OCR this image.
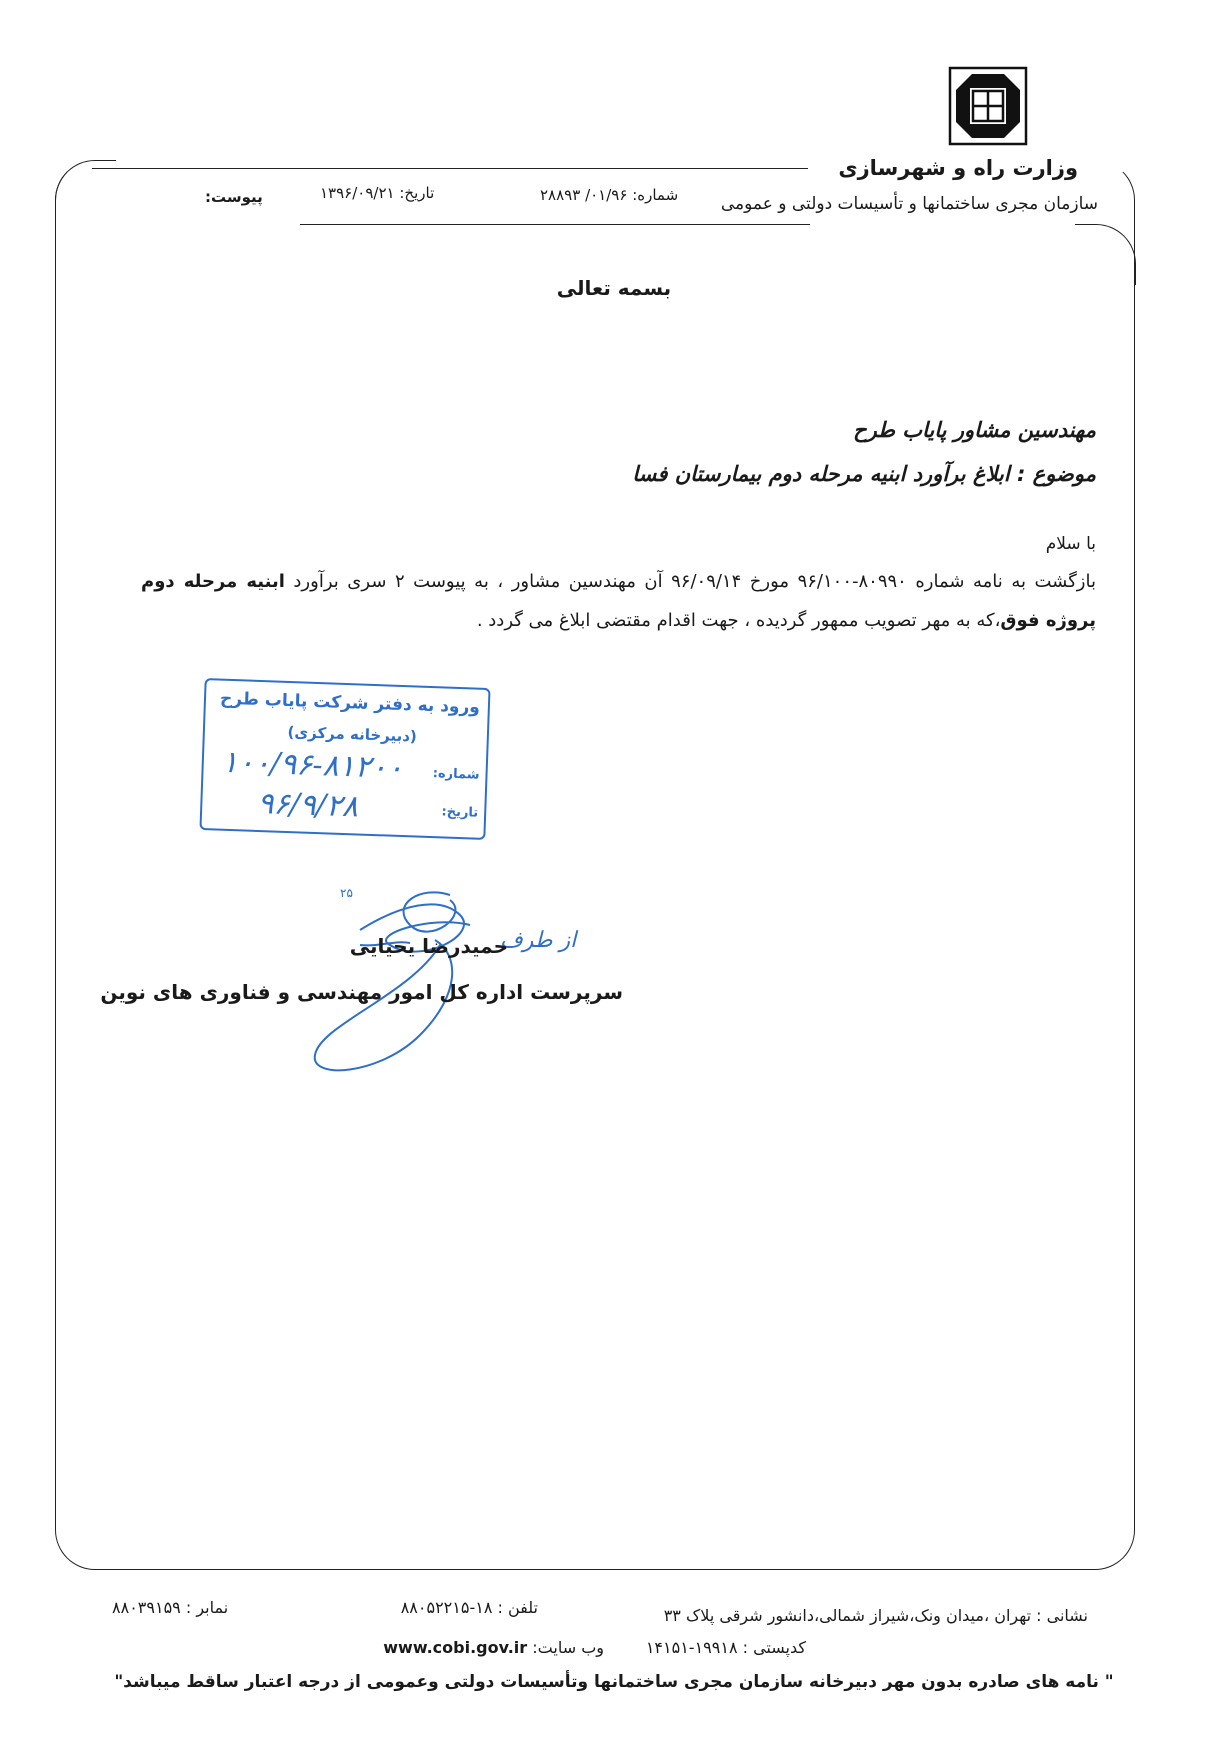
وزارت راه و شهرسازی
سازمان مجری ساختمانها و تأسیسات دولتی و عمومی
شماره: ۰۱/۹۶/ ۲۸۸۹۳
تاریخ: ۱۳۹۶/۰۹/۲۱
پیوست:
بسمه تعالی
مهندسین مشاور پایاب طرح
موضوع : ابلاغ برآورد ابنیه مرحله دوم بیمارستان فسا
با سلام
بازگشت به نامه شماره ۸۰۹۹۰-۹۶/۱۰۰ مورخ ۹۶/۰۹/۱۴ آن مهندسین مشاور ، به پیوست ۲ سری برآورد ابنیه مرحله دوم پروژه فوق،که به مهر تصویب ممهور گردیده ، جهت اقدام مقتضی ابلاغ می گردد .
ورود به دفتر شرکت پایاب طرح
(دبیرخانه مرکزی)
شماره:
۱۰۰/۹۶-۸۱۲۰۰
تاریخ:
۹۶/۹/۲۸
۲۵
از طرف
حمیدرضا یحیایی
سرپرست اداره کل امور مهندسی و فناوری های نوین
نشانی : تهران ،میدان ونک،شیراز شمالی،دانشور شرقی پلاک ۳۳
تلفن : ۱۸-۸۸۰۵۲۲۱۵
نمابر : ۸۸۰۳۹۱۵۹
کدپستی : ۱۹۹۱۸-۱۴۱۵۱
وب سایت: www.cobi.gov.ir
" نامه های صادره بدون مهر دبیرخانه سازمان مجری ساختمانها وتأسیسات دولتی وعمومی از درجه اعتبار ساقط میباشد"
